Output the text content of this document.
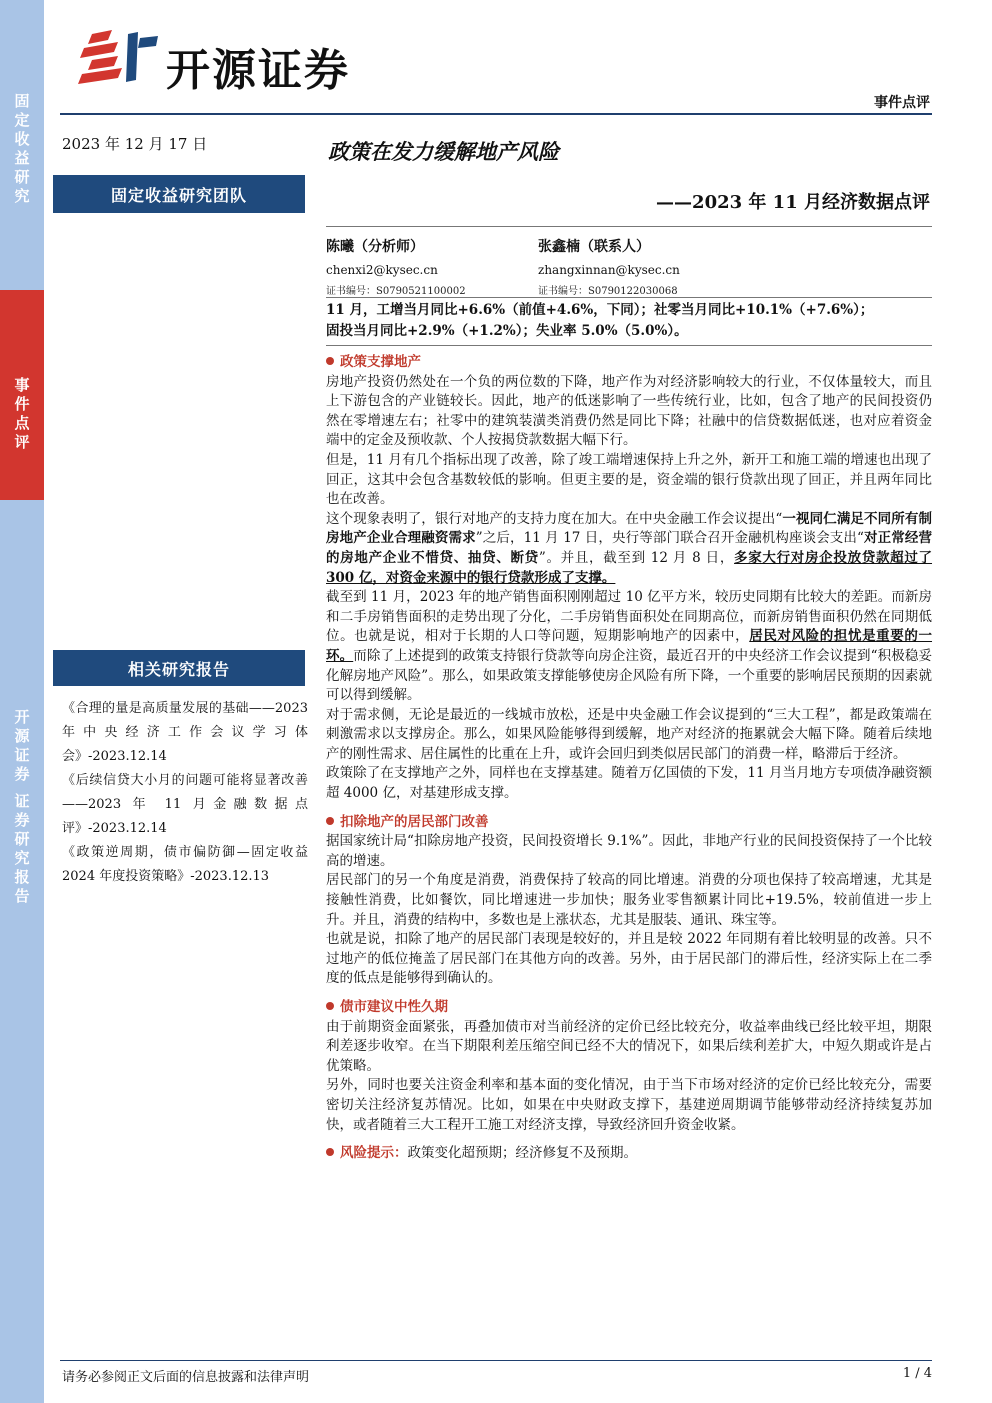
固
定
收
益
研
究
事
件
点
评
开
源
证
券
证
券
研
究
报
告
开源证券
事件点评
2023 年 12 月 17 日
固定收益研究团队
相关研究报告
《合理的量是高质量发展的基础——2023 年中央经济工作会议学习体会》-2023.12.14
《后续信贷大小月的问题可能将显著改善——2023 年 11 月金融数据点评》-2023.12.14
《政策逆周期，债市偏防御—固定收益 2024 年度投资策略》-2023.12.13
政策在发力缓解地产风险
——2023 年 11 月经济数据点评
陈曦（分析师）
chenxi2@kysec.cn
证书编号：S0790521100002
张鑫楠（联系人）
zhangxinnan@kysec.cn
证书编号：S0790122030068
11 月，工增当月同比+6.6%（前值+4.6%，下同）；社零当月同比+10.1%（+7.6%）；
固投当月同比+2.9%（+1.2%）；失业率 5.0%（5.0%）。
政策支撑地产

房地产投资仍然处在一个负的两位数的下降，地产作为对经济影响较大的行业，不仅体量较大，而且上下游包含的产业链较长。因此，地产的低迷影响了一些传统行业，比如，包含了地产的民间投资仍然在零增速左右；社零中的建筑装潢类消费仍然是同比下降；社融中的信贷数据低迷，也对应着资金端中的定金及预收款、个人按揭贷款数据大幅下行。

但是，11 月有几个指标出现了改善，除了竣工端增速保持上升之外，新开工和施工端的增速也出现了回正，这其中会包含基数较低的影响。但更主要的是，资金端的银行贷款出现了回正，并且两年同比也在改善。

这个现象表明了，银行对地产的支持力度在加大。在中央金融工作会议提出“一视同仁满足不同所有制房地产企业合理融资需求”之后，11 月 17 日，央行等部门联合召开金融机构座谈会支出“对正常经营的房地产企业不惜贷、抽贷、断贷”。并且，截至到 12 月 8 日，多家大行对房企投放贷款超过了 300 亿，对资金来源中的银行贷款形成了支撑。

截至到 11 月，2023 年的地产销售面积刚刚超过 10 亿平方米，较历史同期有比较大的差距。而新房和二手房销售面积的走势出现了分化，二手房销售面积处在同期高位，而新房销售面积仍然在同期低位。也就是说，相对于长期的人口等问题，短期影响地产的因素中，居民对风险的担忧是重要的一环。而除了上述提到的政策支持银行贷款等向房企注资，最近召开的中央经济工作会议提到“积极稳妥化解房地产风险”。那么，如果政策支撑能够使房企风险有所下降，一个重要的影响居民预期的因素就可以得到缓解。

对于需求侧，无论是最近的一线城市放松，还是中央金融工作会议提到的“三大工程”，都是政策端在刺激需求以支撑房企。那么，如果风险能够得到缓解，地产对经济的拖累就会大幅下降。随着后续地产的刚性需求、居住属性的比重在上升，或许会回归到类似居民部门的消费一样，略滞后于经济。

政策除了在支撑地产之外，同样也在支撑基建。随着万亿国债的下发，11 月当月地方专项债净融资额超 4000 亿，对基建形成支撑。

扣除地产的居民部门改善

据国家统计局“扣除房地产投资，民间投资增长 9.1%”。因此，非地产行业的民间投资保持了一个比较高的增速。

居民部门的另一个角度是消费，消费保持了较高的同比增速。消费的分项也保持了较高增速，尤其是接触性消费，比如餐饮，同比增速进一步加快；服务业零售额累计同比+19.5%，较前值进一步上升。并且，消费的结构中，多数也是上涨状态，尤其是服装、通讯、珠宝等。

也就是说，扣除了地产的居民部门表现是较好的，并且是较 2022 年同期有着比较明显的改善。只不过地产的低位掩盖了居民部门在其他方向的改善。另外，由于居民部门的滞后性，经济实际上在二季度的低点是能够得到确认的。

债市建议中性久期

由于前期资金面紧张，再叠加债市对当前经济的定价已经比较充分，收益率曲线已经比较平坦，期限利差逐步收窄。在当下期限利差压缩空间已经不大的情况下，如果后续利差扩大，中短久期或许是占优策略。

另外，同时也要关注资金利率和基本面的变化情况，由于当下市场对经济的定价已经比较充分，需要密切关注经济复苏情况。比如，如果在中央财政支撑下，基建逆周期调节能够带动经济持续复苏加快，或者随着三大工程开工施工对经济支撑，导致经济回升资金收紧。

风险提示：政策变化超预期；经济修复不及预期。

请务必参阅正文后面的信息披露和法律声明	1 / 4
